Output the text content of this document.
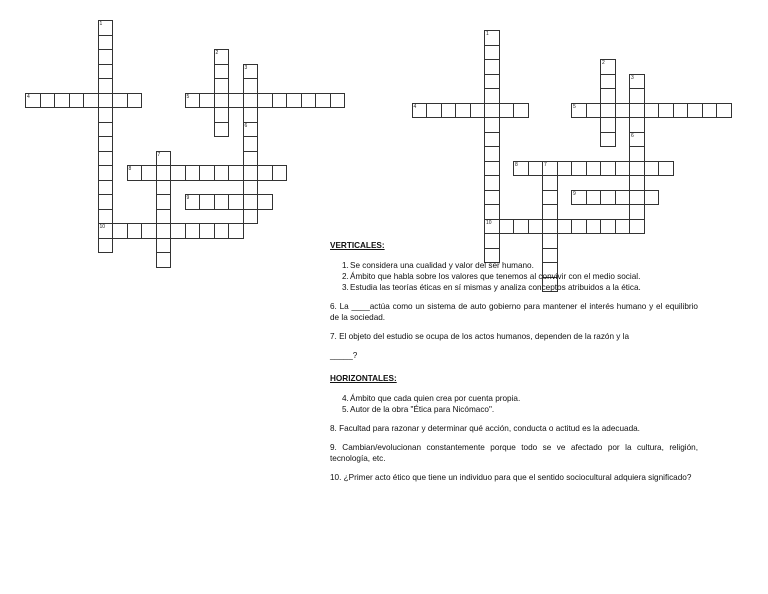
1
10
4	5
2
3
6
7
8
9
1
10
4	5
2
3
6
7
8
9
VERTICALES:
1. Se considera una cualidad y valor del ser humano.
2. Ámbito que habla sobre los valores que tenemos al convivir con el medio social.
3. Estudia las teorías éticas en sí mismas y analiza conceptos atribuidos a la ética.
6. La ____actúa como un sistema de auto gobierno para mantener el interés humano y el equilibrio de la sociedad.
7. El objeto del estudio se ocupa de los actos humanos, dependen de la razón y la
_____?
HORIZONTALES:
4. Ámbito que cada quien crea por cuenta propia.
5. Autor de la obra "Ética para Nicómaco".
8. Facultad para razonar y determinar qué acción, conducta o actitud es la adecuada.
9. Cambian/evolucionan constantemente porque todo se ve afectado por la cultura, religión, tecnología, etc.
10. ¿Primer acto ético que tiene un individuo para que el sentido sociocultural adquiera significado?
